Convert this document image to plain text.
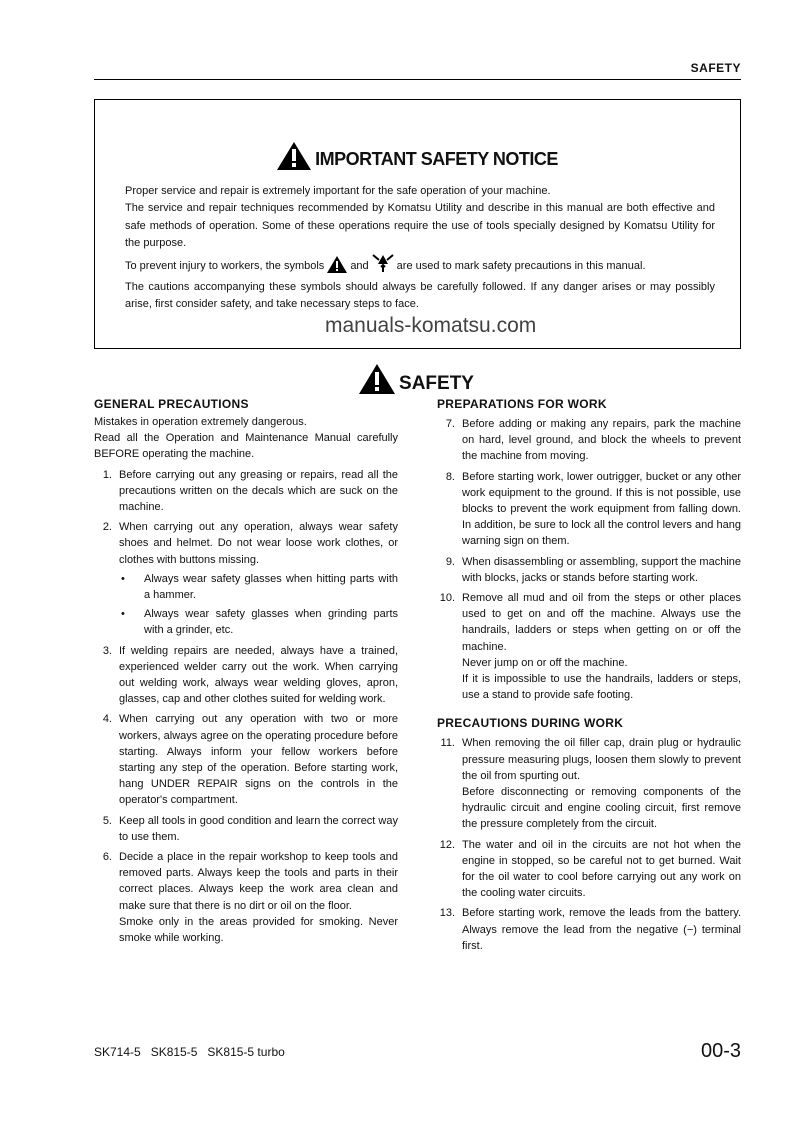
SAFETY
IMPORTANT SAFETY NOTICE

Proper service and repair is extremely important for the safe operation of your machine.

The service and repair techniques recommended by Komatsu Utility and describe in this manual are both effective and safe methods of operation. Some of these operations require the use of tools specially designed by Komatsu Utility for the purpose.

To prevent injury to workers, the symbols and	are used to mark safety precautions in this manual.

The cautions accompanying these symbols should always be carefully followed. If any danger arises or may possibly arise, first consider safety, and take necessary steps to face.

manuals-komatsu.com
SAFETY
GENERAL PRECAUTIONS

Mistakes in operation extremely dangerous.

Read all the Operation and Maintenance Manual carefully BEFORE operating the machine.

1. Before carrying out any greasing or repairs, read all the precautions written on the decals which are suck on the machine.

2. When carrying out any operation, always wear safety shoes and helmet. Do not wear loose work clothes, or clothes with buttons missing.

• Always wear safety glasses when hitting parts with a hammer.

• Always wear safety glasses when grinding parts with a grinder, etc.

3. If welding repairs are needed, always have a trained, experienced welder carry out the work. When carrying out welding work, always wear welding gloves, apron, glasses, cap and other clothes suited for welding work.

4. When carrying out any operation with two or more workers, always agree on the operating procedure before starting. Always inform your fellow workers before starting any step of the operation. Before starting work, hang UNDER REPAIR signs on the controls in the operator's compartment.

5. Keep all tools in good condition and learn the correct way to use them.

6. Decide a place in the repair workshop to keep tools and removed parts. Always keep the tools and parts in their correct places. Always keep the work area clean and make sure that there is no dirt or oil on the floor.

Smoke only in the areas provided for smoking. Never smoke while working.

PREPARATIONS FOR WORK
7. Before adding or making any repairs, park the machine on hard, level ground, and block the wheels to prevent the machine from moving.

8. Before starting work, lower outrigger, bucket or any other work equipment to the ground. If this is not possible, use blocks to prevent the work equipment from falling down. In addition, be sure to lock all the control levers and hang warning sign on them.

9. When disassembling or assembling, support the machine with blocks, jacks or stands before starting work.

10. Remove all mud and oil from the steps or other places used to get on and off the machine. Always use the handrails, ladders or steps when getting on or off the machine.

Never jump on or off the machine.

If it is impossible to use the handrails, ladders or steps, use a stand to provide safe footing.

PRECAUTIONS DURING WORK
11. When removing the oil filler cap, drain plug or hydraulic pressure measuring plugs, loosen them slowly to prevent the oil from spurting out.

Before disconnecting or removing components of the hydraulic circuit and engine cooling circuit, first remove the pressure completely from the circuit.

12. The water and oil in the circuits are not hot when the engine in stopped, so be careful not to get burned. Wait for the oil water to cool before carrying out any work on the cooling water circuits.

13. Before starting work, remove the leads from the battery. Always remove the lead from the negative (−) terminal first.

SK714-5   SK815-5   SK815-5 turbo	00-3
